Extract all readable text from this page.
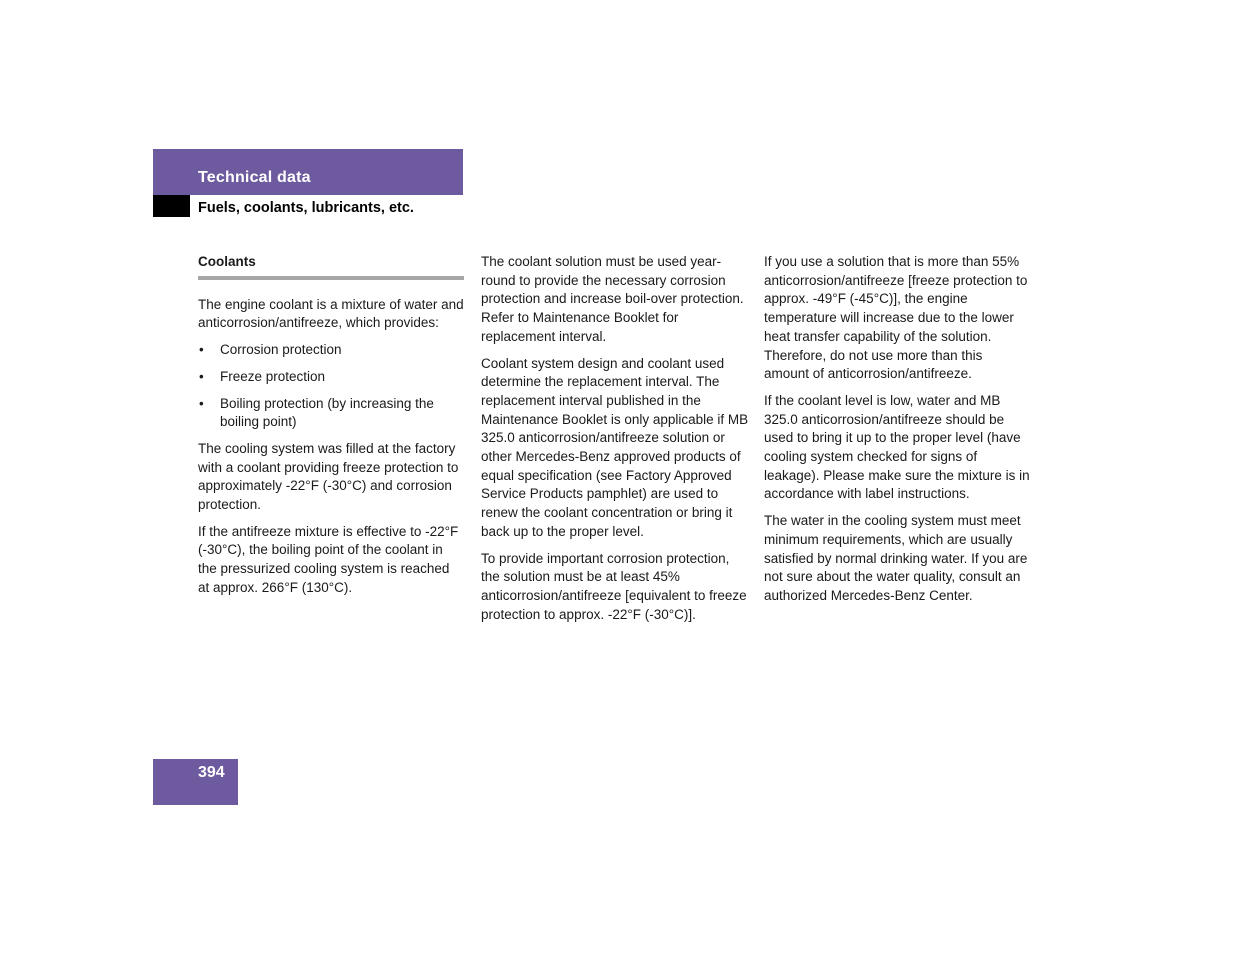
Technical data
Fuels, coolants, lubricants, etc.
Coolants

The engine coolant is a mixture of water and anticorrosion/antifreeze, which provides:

• Corrosion protection
• Freeze protection
• Boiling protection (by increasing the boiling point)

The cooling system was filled at the factory with a coolant providing freeze protection to approximately -22°F (-30°C) and corrosion protection.

If the antifreeze mixture is effective to -22°F (-30°C), the boiling point of the coolant in the pressurized cooling system is reached at approx. 266°F (130°C).

The coolant solution must be used year-round to provide the necessary corrosion protection and increase boil-over protection. Refer to Maintenance Booklet for replacement interval.

Coolant system design and coolant used determine the replacement interval. The replacement interval published in the Maintenance Booklet is only applicable if MB 325.0 anticorrosion/antifreeze solution or other Mercedes-Benz approved products of equal specification (see Factory Approved Service Products pamphlet) are used to renew the coolant concentration or bring it back up to the proper level.

To provide important corrosion protection, the solution must be at least 45% anticorrosion/antifreeze [equivalent to freeze protection to approx. -22°F (-30°C)].

If you use a solution that is more than 55% anticorrosion/antifreeze [freeze protection to approx. -49°F (-45°C)], the engine temperature will increase due to the lower heat transfer capability of the solution. Therefore, do not use more than this amount of anticorrosion/antifreeze.

If the coolant level is low, water and MB 325.0 anticorrosion/antifreeze should be used to bring it up to the proper level (have cooling system checked for signs of leakage). Please make sure the mixture is in accordance with label instructions.

The water in the cooling system must meet minimum requirements, which are usually satisfied by normal drinking water. If you are not sure about the water quality, consult an authorized Mercedes-Benz Center.

394
